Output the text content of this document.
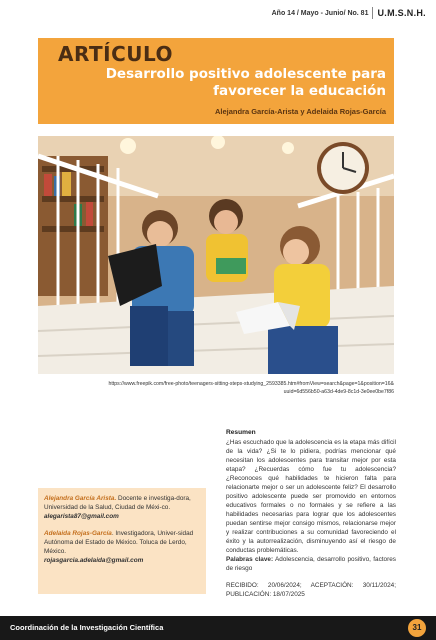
Año 14 / Mayo - Junio/ No. 81 U.M.S.N.H.
ARTÍCULO
Desarrollo positivo adolescente para
favorecer la educación
Alejandra García-Arista y Adelaida Rojas-García
https://www.freepik.com/free-photo/teenagers-sitting-steps-studying_2593385.htm#fromView=search&page=1&position=16&
uuid=6d556b50-a63d-4de9-8c1d-3e0ee0be7f86

Alejandra García Arista. Docente e investiga-dora, Universidad de la Salud, Ciudad de Méxi-co.
alegarista87@gmail.com

Adelaida Rojas-García. Investigadora, Univer-sidad Autónoma del Estado de México. Toluca de Lerdo, México.
rojasgarcia.adelaida@gmail.com

Resumen

¿Has escuchado que la adolescencia es la etapa más difícil de la vida? ¿Si te lo pidiera, podrías mencionar qué necesitan los adolescentes para transitar mejor por esta etapa? ¿Recuerdas cómo fue tu adolescencia? ¿Reconoces qué habilidades te hicieron falta para relacionarte mejor o ser un adolescente feliz? El desarrollo positivo adolescente puede ser promovido en entornos educativos formales o no formales y se refiere a las habilidades necesarias para lograr que los adolescentes puedan sentirse mejor consigo mismos, relacionarse mejor y realizar contribuciones a su comunidad favoreciendo el éxito y la autorrealización, disminuyendo así el riesgo de conductas problemáticas.

Palabras clave: Adolescencia, desarrollo positivo, factores de riesgo

RECIBIDO: 20/06/2024; ACEPTACIÓN: 30/11/2024; PUBLICACIÓN: 18/07/2025

Coordinación de la Investigación Científica	31
